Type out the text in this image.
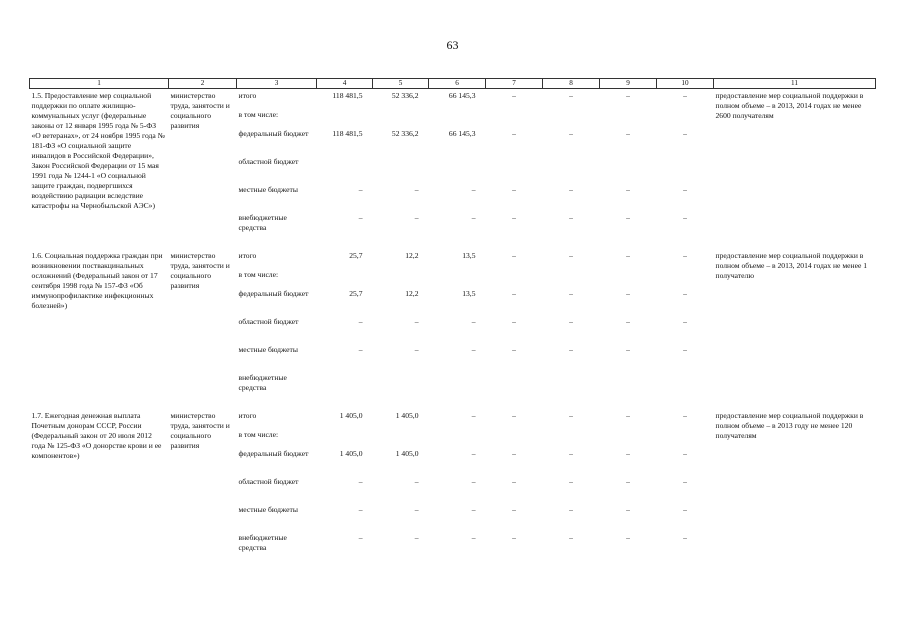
63
1	2	3	4	5	6	7	8	9	10	11
1.5. Предоставление мер социальной поддержки по оплате жилищно-коммунальных услуг (федеральные законы от 12 января 1995 года № 5-ФЗ «О ветеранах», от 24 ноября 1995 года № 181-ФЗ «О социальной защите инвалидов в Российской Федерации», Закон Российской Федерации от 15 мая 1991 года № 1244-1 «О социальной защите граждан, подвергшихся воздействию радиации вследствие катастрофы на Чернобыльской АЭС»)	министерство труда, занятости и социального развития	итого	118 481,5	52 336,2	66 145,3	–	–	–	–	предоставление мер социальной поддержки в полном объеме – в 2013, 2014 годах не менее 2600 получателям
		в том числе:								
		федеральный бюджет	118 481,5	52 336,2	66 145,3	–	–	–	–	
		областной бюджет								
		местные бюджеты	–	–	–	–	–	–	–	
		внебюджетные средства	–	–	–	–	–	–	–	
1.6. Социальная поддержка граждан при возникновении поствакцинальных осложнений (Федеральный закон от 17 сентября 1998 года № 157-ФЗ «Об иммунопрофилактике инфекционных болезней»)	министерство труда, занятости и социального развития	итого	25,7	12,2	13,5	–	–	–	–	предоставление мер социальной поддержки в полном объеме – в 2013, 2014 годах не менее 1 получателю
		в том числе:								
		федеральный бюджет	25,7	12,2	13,5	–	–	–	–	
		областной бюджет	–	–	–	–	–	–	–	
		местные бюджеты	–	–	–	–	–	–	–	
		внебюджетные средства								
1.7. Ежегодная денежная выплата Почетным донорам СССР, России (Федеральный закон от 20 июля 2012 года № 125-ФЗ «О донорстве крови и ее компонентов»)	министерство труда, занятости и социального развития	итого	1 405,0	1 405,0	–	–	–	–	–	предоставление мер социальной поддержки в полном объеме – в 2013 году не менее 120 получателям
		в том числе:								
		федеральный бюджет	1 405,0	1 405,0	–	–	–	–	–	
		областной бюджет	–	–	–	–	–	–	–	
		местные бюджеты	–	–	–	–	–	–	–	
		внебюджетные средства	–	–	–	–	–	–	–	
